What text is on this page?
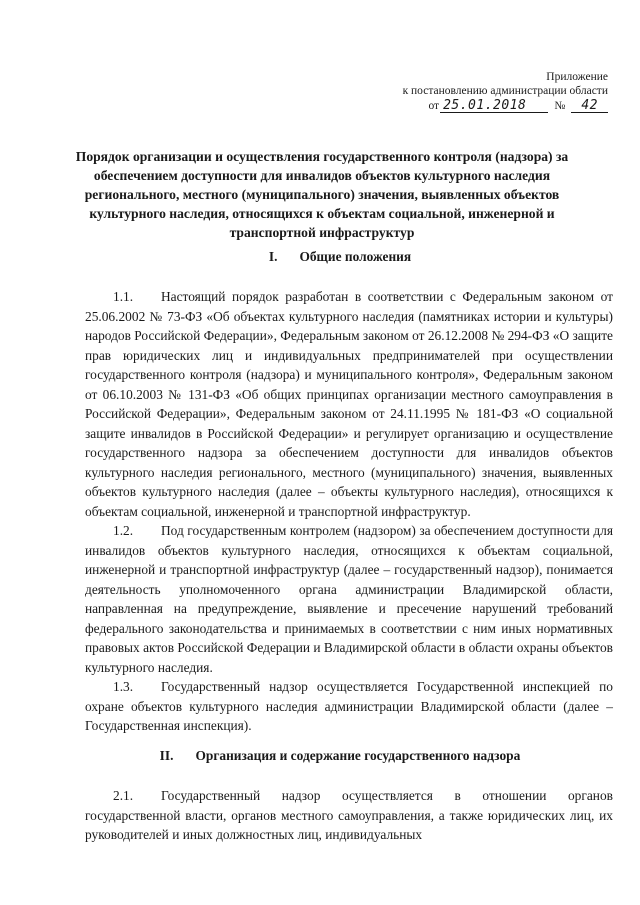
Приложение
к постановлению администрации области
от 25.01.2018	№	42
Порядок организации и осуществления государственного контроля (надзора) за обеспечением доступности для инвалидов объектов культурного наследия регионального, местного (муниципального) значения, выявленных объектов культурного наследия, относящихся к объектам социальной, инженерной и транспортной инфраструктур
I. Общие положения

1.1. Настоящий порядок разработан в соответствии с Федеральным законом от 25.06.2002 № 73-ФЗ «Об объектах культурного наследия (памятниках истории и культуры) народов Российской Федерации», Федеральным законом от 26.12.2008 № 294-ФЗ «О защите прав юридических лиц и индивидуальных предпринимателей при осуществлении государственного контроля (надзора) и муниципального контроля», Федеральным законом от 06.10.2003 № 131-ФЗ «Об общих принципах организации местного самоуправления в Российской Федерации», Федеральным законом от 24.11.1995 № 181-ФЗ «О социальной защите инвалидов в Российской Федерации» и регулирует организацию и осуществление государственного надзора за обеспечением доступности для инвалидов объектов культурного наследия регионального, местного (муниципального) значения, выявленных объектов культурного наследия (далее – объекты культурного наследия), относящихся к объектам социальной, инженерной и транспортной инфраструктур.

1.2. Под государственным контролем (надзором) за обеспечением доступности для инвалидов объектов культурного наследия, относящихся к объектам социальной, инженерной и транспортной инфраструктур (далее – государственный надзор), понимается деятельность уполномоченного органа администрации Владимирской области, направленная на предупреждение, выявление и пресечение нарушений требований федерального законодательства и принимаемых в соответствии с ним иных нормативных правовых актов Российской Федерации и Владимирской области в области охраны объектов культурного наследия.

1.3. Государственный надзор осуществляется Государственной инспекцией по охране объектов культурного наследия администрации Владимирской области (далее – Государственная инспекция).

II. Организация и содержание государственного надзора

2.1. Государственный надзор осуществляется в отношении органов государственной власти, органов местного самоуправления, а также юридических лиц, их руководителей и иных должностных лиц, индивидуальных
